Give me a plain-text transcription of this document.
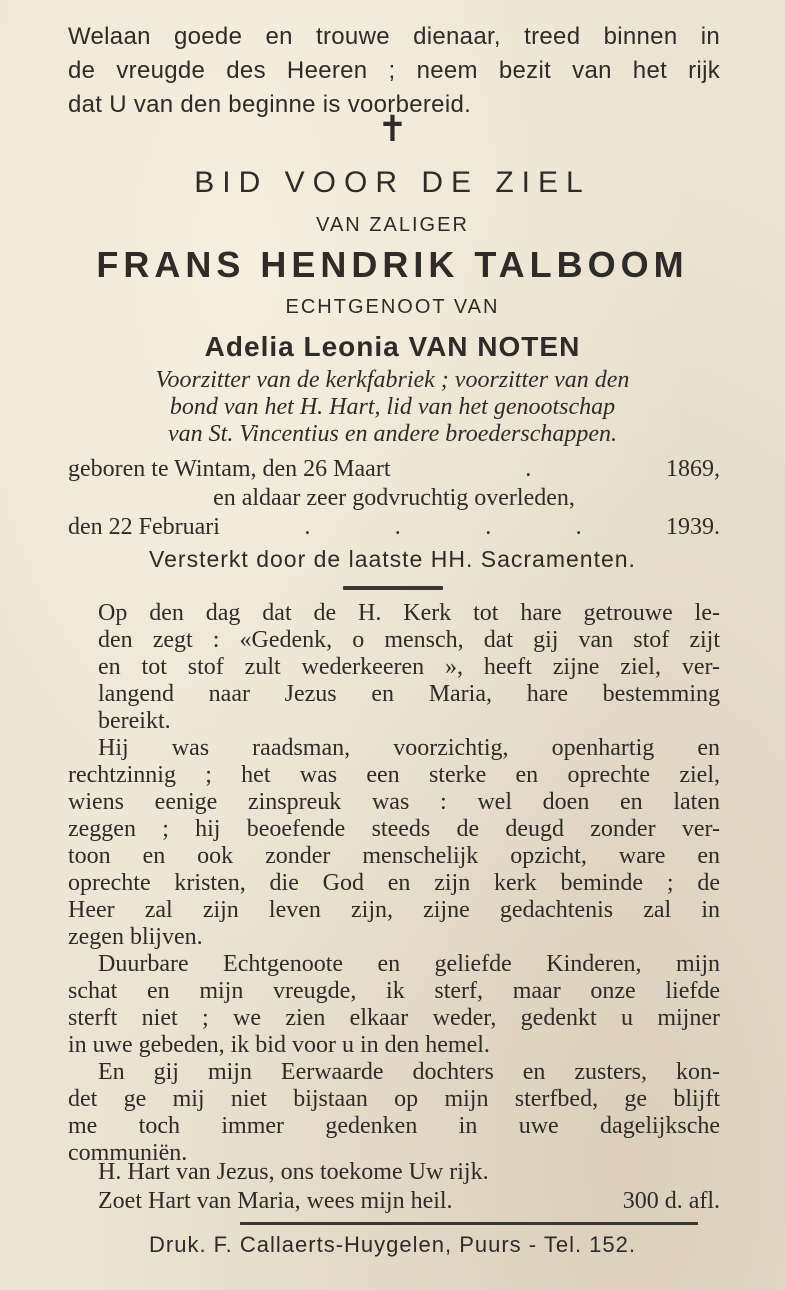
Welaan goede en trouwe dienaar, treed binnen in
de vreugde des Heeren ; neem bezit van het rijk
dat U van den beginne is voorbereid.
✝
BID VOOR DE ZIEL
VAN ZALIGER
FRANS HENDRIK TALBOOM
ECHTGENOOT VAN
Adelia Leonia VAN NOTEN
Voorzitter van de kerkfabriek ; voorzitter van den
bond van het H. Hart, lid van het genootschap
van St. Vincentius en andere broederschappen.
geboren te Wintam, den 26 Maart	.	1869,
en aldaar zeer godvruchtig overleden,
den 22 Februari	.	.	.	.	1939.
Versterkt door de laatste HH. Sacramenten.

Op den dag dat de H. Kerk tot hare getrouwe le-
den zegt : «Gedenk, o mensch, dat gij van stof zijt
en tot stof zult wederkeeren », heeft zijne ziel, ver-
langend naar Jezus en Maria, hare bestemming
bereikt.

Hij was raadsman, voorzichtig, openhartig en
rechtzinnig ; het was een sterke en oprechte ziel,
wiens eenige zinspreuk was : wel doen en laten
zeggen ; hij beoefende steeds de deugd zonder ver-
toon en ook zonder menschelijk opzicht, ware en
oprechte kristen, die God en zijn kerk beminde ; de
Heer zal zijn leven zijn, zijne gedachtenis zal in
zegen blijven.

Duurbare Echtgenoote en geliefde Kinderen, mijn
schat en mijn vreugde, ik sterf, maar onze liefde
sterft niet ; we zien elkaar weder, gedenkt u mijner
in uwe gebeden, ik bid voor u in den hemel.

En gij mijn Eerwaarde dochters en zusters, kon-
det ge mij niet bijstaan op mijn sterfbed, ge blijft
me toch immer gedenken in uwe dagelijksche
communiën.

H. Hart van Jezus, ons toekome Uw rijk.
Zoet Hart van Maria, wees mijn heil.	300 d. afl.
Druk. F. Callaerts-Huygelen, Puurs - Tel. 152.
